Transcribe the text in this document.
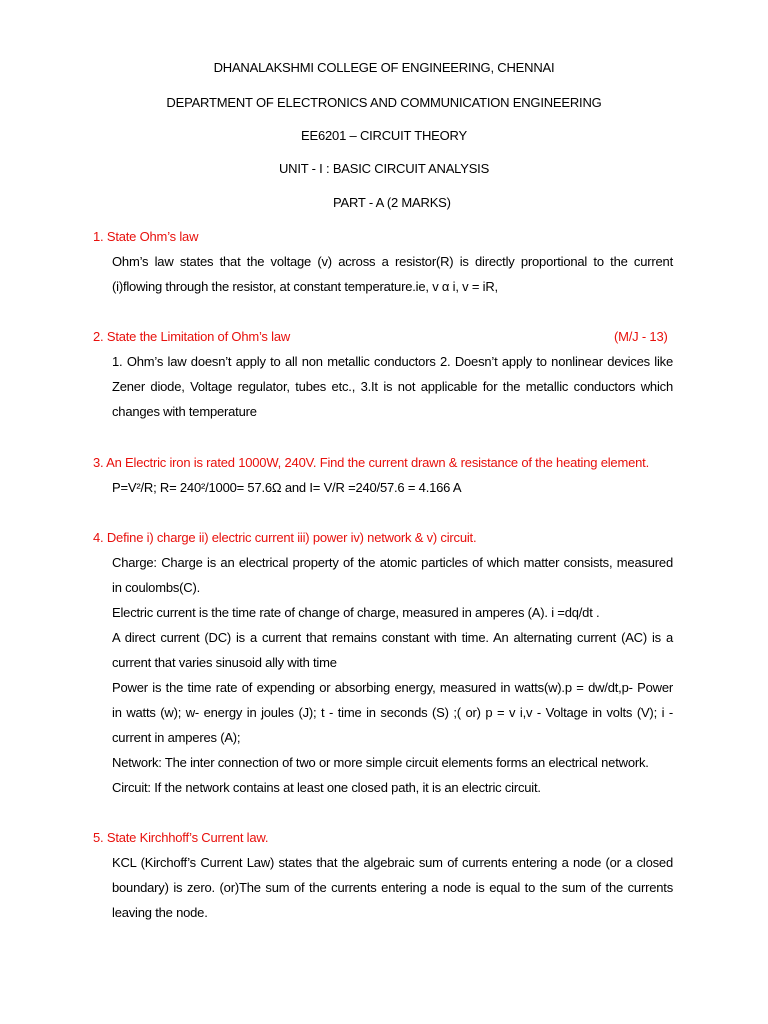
DHANALAKSHMI COLLEGE OF ENGINEERING, CHENNAI
DEPARTMENT OF ELECTRONICS AND COMMUNICATION ENGINEERING
EE6201 – CIRCUIT THEORY
UNIT - I : BASIC CIRCUIT ANALYSIS
PART - A (2 MARKS)
1. State Ohm’s law
Ohm’s law states that the voltage (v) across a resistor(R) is directly proportional to the current
(i)flowing through the resistor, at constant temperature.ie, v α i, v = iR,
2. State the Limitation of Ohm’s law	(M/J - 13)
1. Ohm’s law doesn’t apply to all non metallic conductors 2. Doesn’t apply to nonlinear devices like
Zener diode, Voltage regulator, tubes etc., 3.It is not applicable for the metallic conductors which
changes with temperature
3. An Electric iron is rated 1000W, 240V. Find the current drawn & resistance of the heating element.
P=V²/R; R= 240²/1000= 57.6Ω and I= V/R =240/57.6 = 4.166 A
4. Define i) charge ii) electric current iii) power iv) network & v) circuit.
Charge: Charge is an electrical property of the atomic particles of which matter consists, measured
in coulombs(C).
Electric current is the time rate of change of charge, measured in amperes (A). i =dq/dt .
A direct current (DC) is a current that remains constant with time. An alternating current (AC) is a
current that varies sinusoid ally with time
Power is the time rate of expending or absorbing energy, measured in watts(w).p = dw/dt,p- Power
in watts (w); w- energy in joules (J); t - time in seconds (S) ;( or) p = v i,v - Voltage in volts (V); i -
current in amperes (A);
Network: The inter connection of two or more simple circuit elements forms an electrical network.
Circuit: If the network contains at least one closed path, it is an electric circuit.
5. State Kirchhoff’s Current law.
KCL (Kirchoff’s Current Law) states that the algebraic sum of currents entering a node (or a closed
boundary) is zero. (or)The sum of the currents entering a node is equal to the sum of the currents
leaving the node.
